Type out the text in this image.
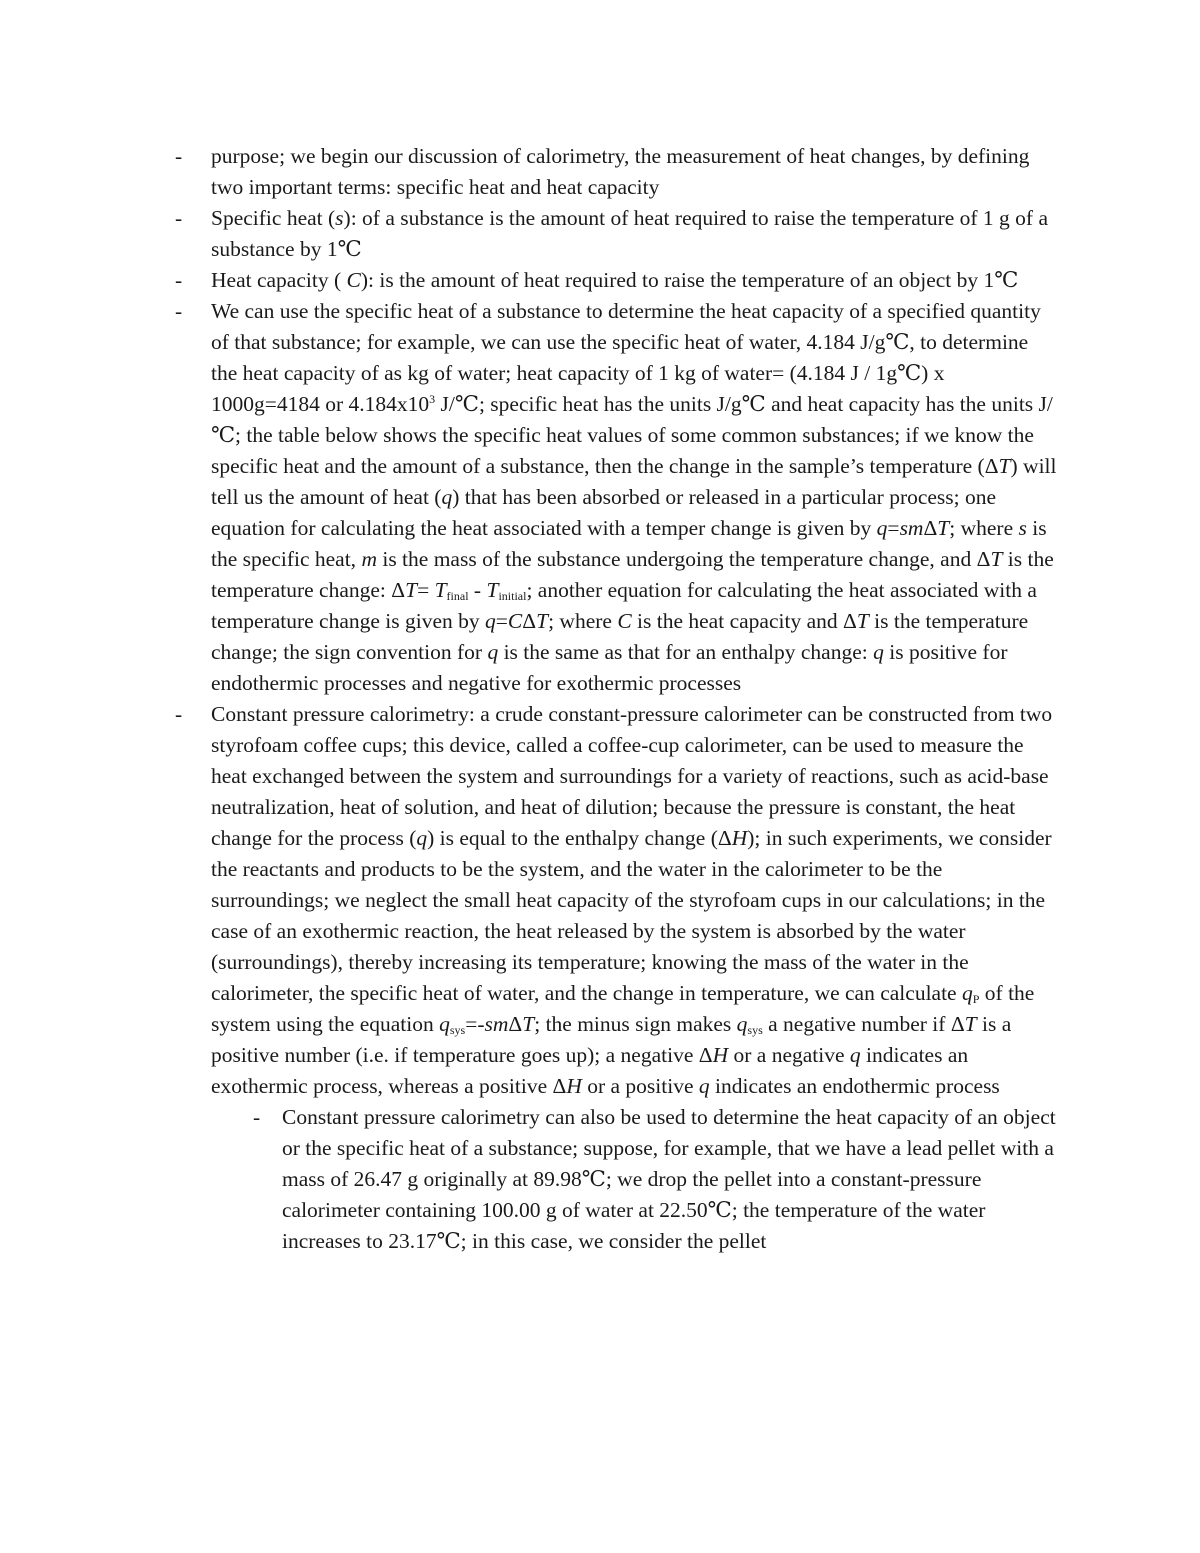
- purpose; we begin our discussion of calorimetry, the measurement of heat changes, by defining two important terms: specific heat and heat capacity
- Specific heat (s): of a substance is the amount of heat required to raise the temperature of 1 g of a substance by 1℃
- Heat capacity ( C): is the amount of heat required to raise the temperature of an object by 1℃
- We can use the specific heat of a substance to determine the heat capacity of a specified quantity of that substance; for example, we can use the specific heat of water, 4.184 J/g℃, to determine the heat capacity of as kg of water; heat capacity of 1 kg of water= (4.184 J / 1g℃) x 1000g=4184 or $4.184x10^3$ J/℃; specific heat has the units J/g℃ and heat capacity has the units J/℃; the table below shows the specific heat values of some common substances; if we know the specific heat and the amount of a substance, then the change in the sample’s temperature (ΔT) will tell us the amount of heat (q) that has been absorbed or released in a particular process; one equation for calculating the heat associated with a temper change is given by q=smΔT; where s is the specific heat, m is the mass of the substance undergoing the temperature change, and ΔT is the temperature change: $\Delta T= T_{final} - T_{initial}$; another equation for calculating the heat associated with a temperature change is given by q=CΔT; where C is the heat capacity and ΔT is the temperature change; the sign convention for q is the same as that for an enthalpy change: q is positive for endothermic processes and negative for exothermic processes
- Constant pressure calorimetry: a crude constant-pressure calorimeter can be constructed from two styrofoam coffee cups; this device, called a coffee-cup calorimeter, can be used to measure the heat exchanged between the system and surroundings for a variety of reactions, such as acid-base neutralization, heat of solution, and heat of dilution; because the pressure is constant, the heat change for the process (q) is equal to the enthalpy change (ΔH); in such experiments, we consider the reactants and products to be the system, and the water in the calorimeter to be the surroundings; we neglect the small heat capacity of the styrofoam cups in our calculations; in the case of an exothermic reaction, the heat released by the system is absorbed by the water (surroundings), thereby increasing its temperature; knowing the mass of the water in the calorimeter, the specific heat of water, and the change in temperature, we can calculate $q_P$ of the system using the equation $q_{sys}=$-smΔT; the minus sign makes $q_{sys}$ a negative number if ΔT is a positive number (i.e. if temperature goes up); a negative ΔH or a negative q indicates an exothermic process, whereas a positive ΔH or a positive q indicates an endothermic process
- Constant pressure calorimetry can also be used to determine the heat capacity of an object or the specific heat of a substance; suppose, for example, that we have a lead pellet with a mass of 26.47 g originally at 89.98℃; we drop the pellet into a constant-pressure calorimeter containing 100.00 g of water at 22.50℃; the temperature of the water increases to 23.17℃; in this case, we consider the pellet
